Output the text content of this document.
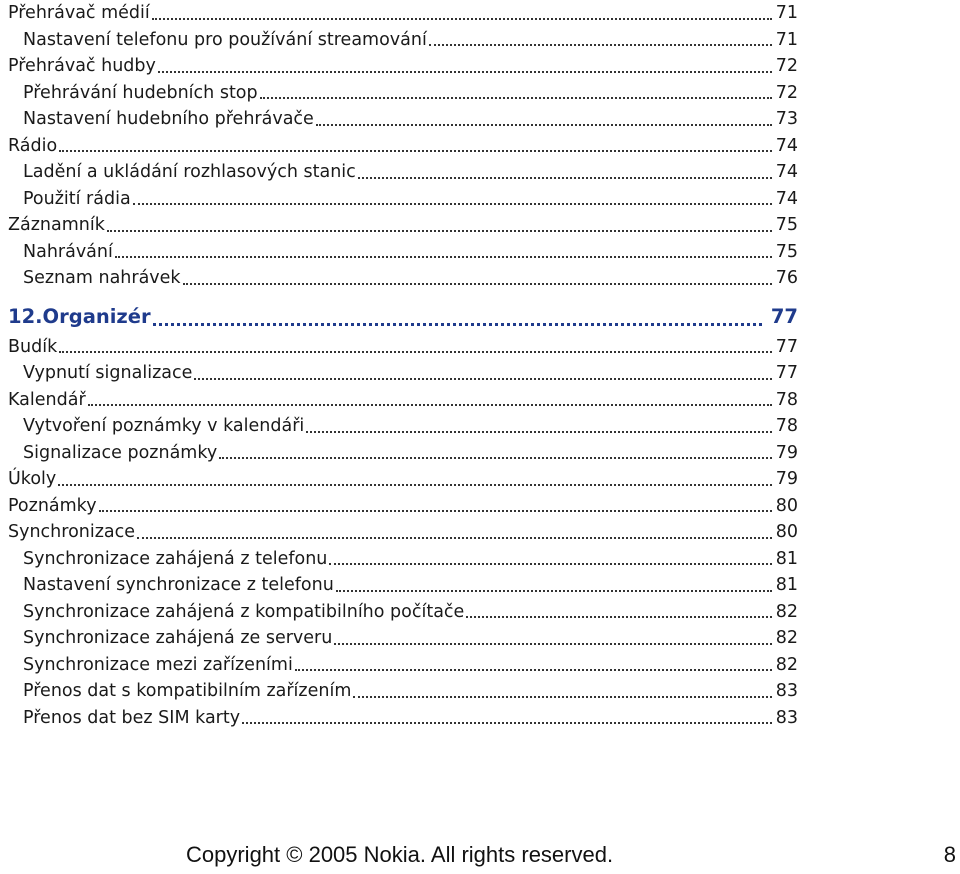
Přehrávač médií	71
Nastavení telefonu pro používání streamování	71
Přehrávač hudby	72
Přehrávání hudebních stop	72
Nastavení hudebního přehrávače	73
Rádio	74
Ladění a ukládání rozhlasových stanic	74
Použití rádia	74
Záznamník	75
Nahrávání	75
Seznam nahrávek	76
12.Organizér	77
Budík	77
Vypnutí signalizace	77
Kalendář	78
Vytvoření poznámky v kalendáři	78
Signalizace poznámky	79
Úkoly	79
Poznámky	80
Synchronizace	80
Synchronizace zahájená z telefonu	81
Nastavení synchronizace z telefonu	81
Synchronizace zahájená z kompatibilního počítače	82
Synchronizace zahájená ze serveru	82
Synchronizace mezi zařízeními	82
Přenos dat s kompatibilním zařízením	83
Přenos dat bez SIM karty	83
Copyright © 2005 Nokia. All rights reserved.	8
